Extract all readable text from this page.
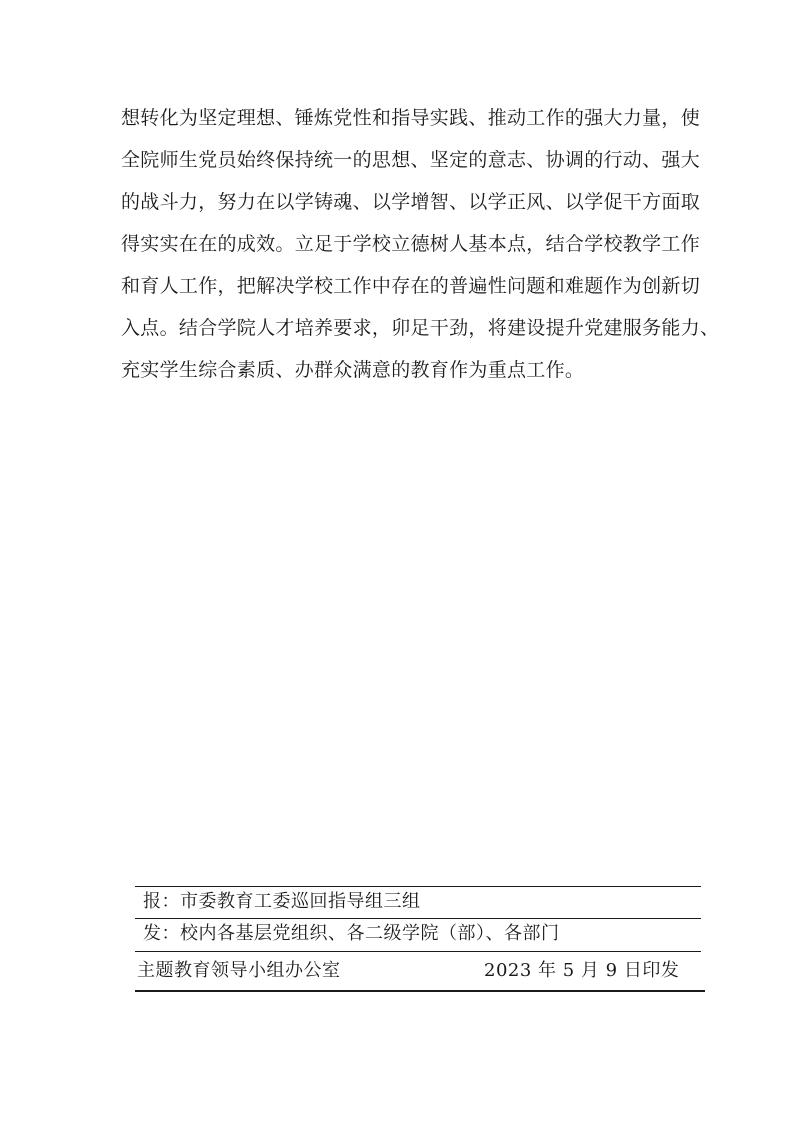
想转化为坚定理想、锤炼党性和指导实践、推动工作的强大力量，使
全院师生党员始终保持统一的思想、坚定的意志、协调的行动、强大
的战斗力，努力在以学铸魂、以学增智、以学正风、以学促干方面取
得实实在在的成效。立足于学校立德树人基本点，结合学校教学工作
和育人工作，把解决学校工作中存在的普遍性问题和难题作为创新切
入点。结合学院人才培养要求，卯足干劲，将建设提升党建服务能力、
充实学生综合素质、办群众满意的教育作为重点工作。
报：市委教育工委巡回指导组三组
发：校内各基层党组织、各二级学院（部）、各部门
主题教育领导小组办公室	2023 年 5 月 9 日印发
